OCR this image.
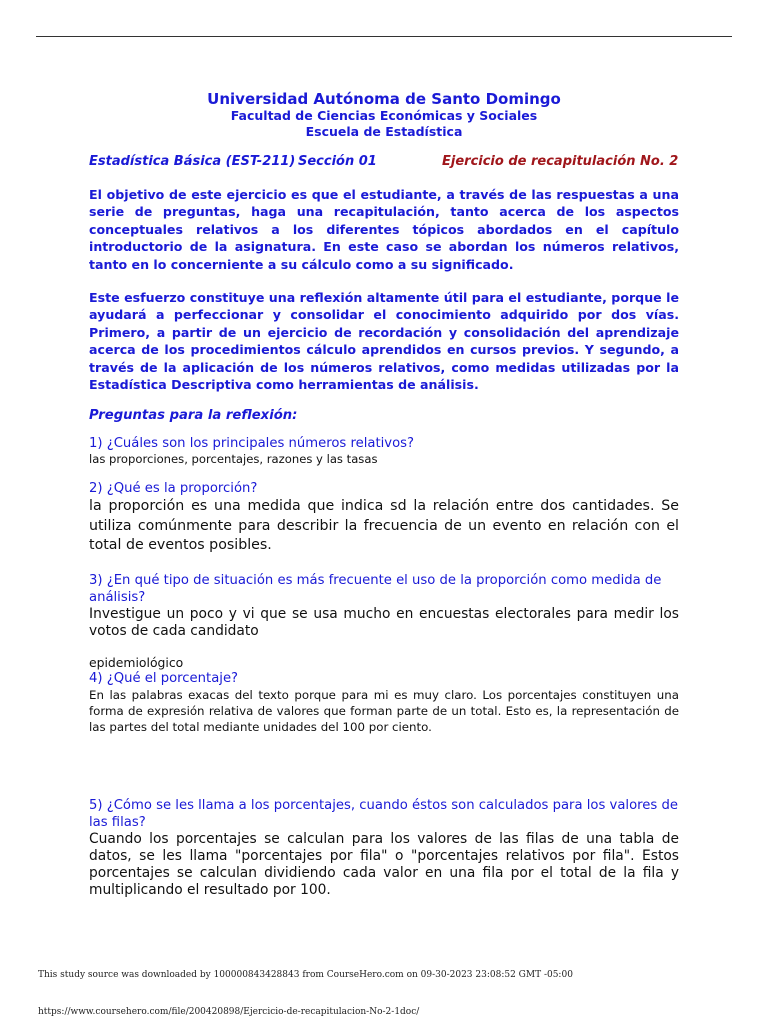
Universidad Autónoma de Santo Domingo
Facultad de Ciencias Económicas y Sociales
Escuela de Estadística
Estadística Básica (EST-211) Sección 01	Ejercicio de recapitulación No. 2

El objetivo de este ejercicio es que el estudiante, a través de las respuestas a una serie de preguntas, haga una recapitulación, tanto acerca de los aspectos conceptuales relativos a los diferentes tópicos abordados en el capítulo introductorio de la asignatura. En este caso se abordan los números relativos, tanto en lo concerniente a su cálculo como a su significado.

Este esfuerzo constituye una reflexión altamente útil para el estudiante, porque le ayudará a perfeccionar y consolidar el conocimiento adquirido por dos vías. Primero, a partir de un ejercicio de recordación y consolidación del aprendizaje acerca de los procedimientos cálculo aprendidos en cursos previos. Y segundo, a través de la aplicación de los números relativos, como medidas utilizadas por la Estadística Descriptiva como herramientas de análisis.

Preguntas para la reflexión:
1) ¿Cuáles son los principales números relativos?
las proporciones, porcentajes, razones y las tasas
2) ¿Qué es la proporción?
la proporción es una medida que indica sd la relación entre dos cantidades. Se utiliza comúnmente para describir la frecuencia de un evento en relación con el total de eventos posibles.
3) ¿En qué tipo de situación es más frecuente el uso de la proporción como medida de análisis?
Investigue un poco y vi que se usa mucho en encuestas electorales para medir los votos de cada candidato
epidemiológico
4) ¿Qué el porcentaje?
En las palabras exacas del texto porque para mi es muy claro. Los porcentajes constituyen una forma de expresión relativa de valores que forman parte de un total. Esto es, la representación de las partes del total mediante unidades del 100 por ciento.
5) ¿Cómo se les llama a los porcentajes, cuando éstos son calculados para los valores de las filas?
Cuando los porcentajes se calculan para los valores de las filas de una tabla de datos, se les llama "porcentajes por fila" o "porcentajes relativos por fila". Estos porcentajes se calculan dividiendo cada valor en una fila por el total de la fila y multiplicando el resultado por 100.
This study source was downloaded by 100000843428843 from CourseHero.com on 09-30-2023 23:08:52 GMT -05:00
https://www.coursehero.com/file/200420898/Ejercicio-de-recapitulacion-No-2-1doc/
